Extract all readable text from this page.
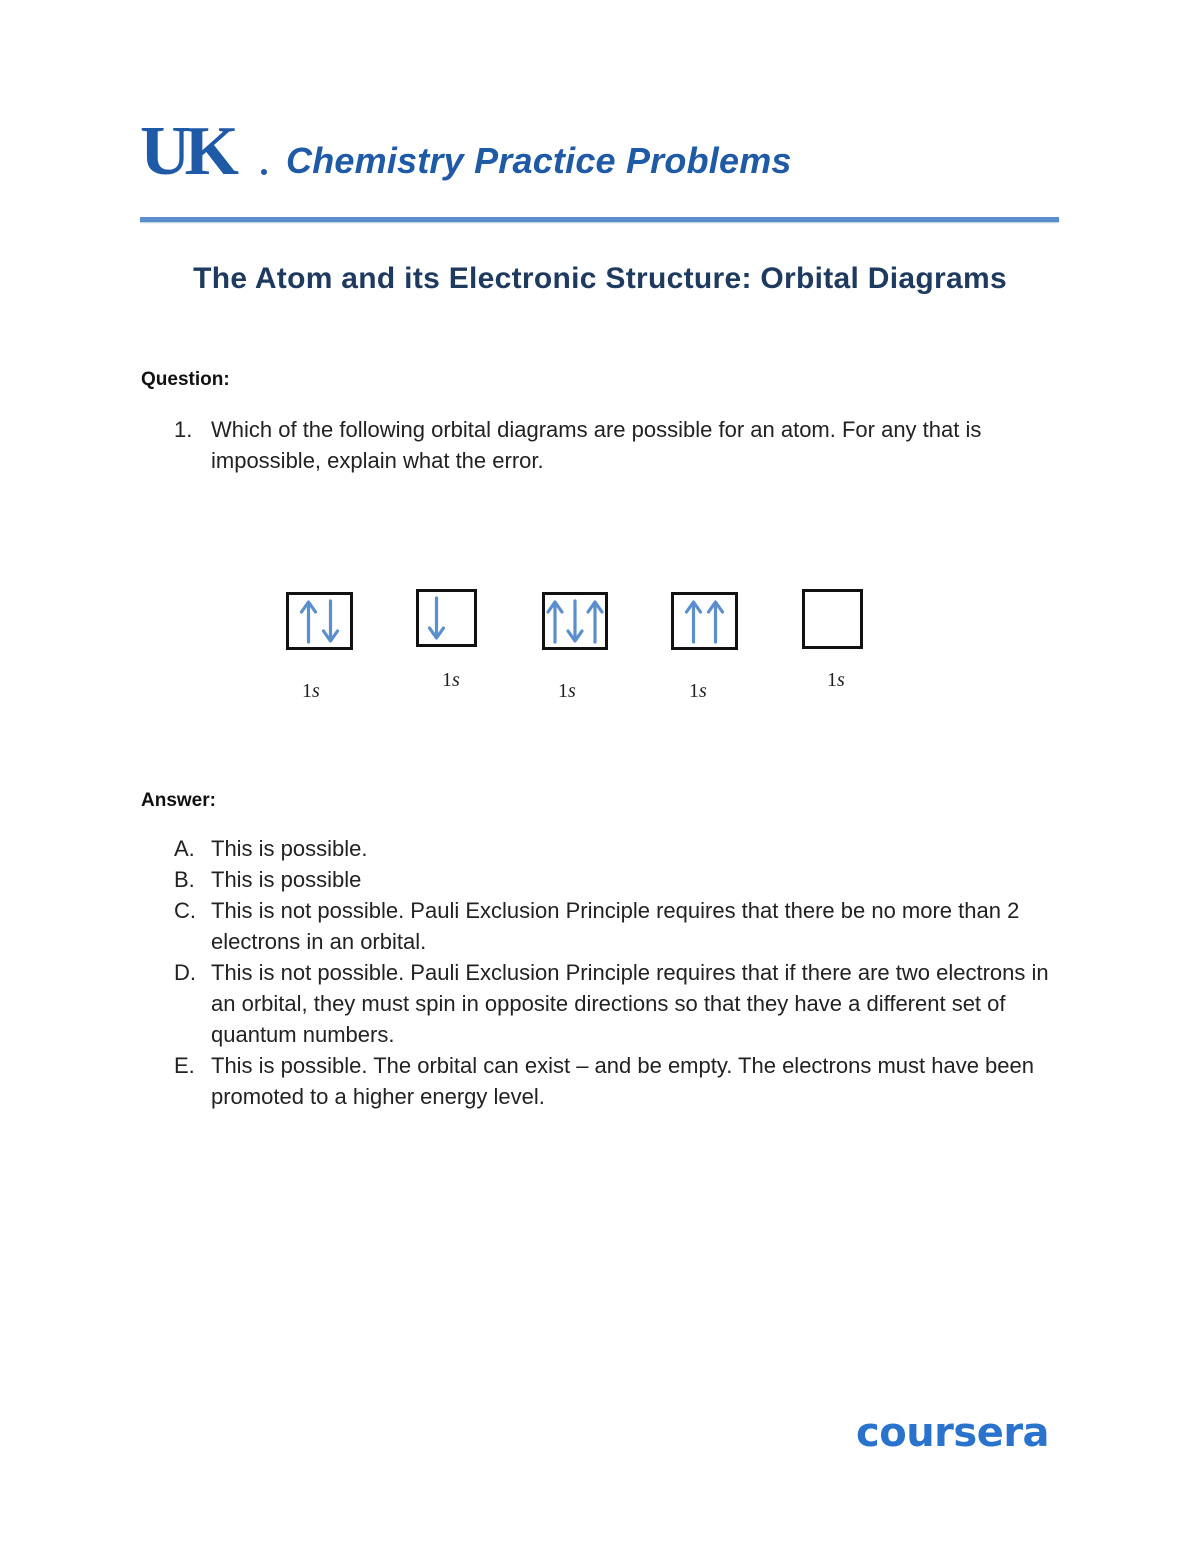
UK Chemistry Practice Problems
The Atom and its Electronic Structure: Orbital Diagrams
Question:
1. Which of the following orbital diagrams are possible for an atom. For any that is impossible, explain what the error.
1s	1s	1s	1s	1s
Answer:
A. This is possible.
B. This is possible
C. This is not possible. Pauli Exclusion Principle requires that there be no more than 2 electrons in an orbital.
D. This is not possible. Pauli Exclusion Principle requires that if there are two electrons in an orbital, they must spin in opposite directions so that they have a different set of quantum numbers.
E. This is possible. The orbital can exist – and be empty. The electrons must have been promoted to a higher energy level.
coursera
